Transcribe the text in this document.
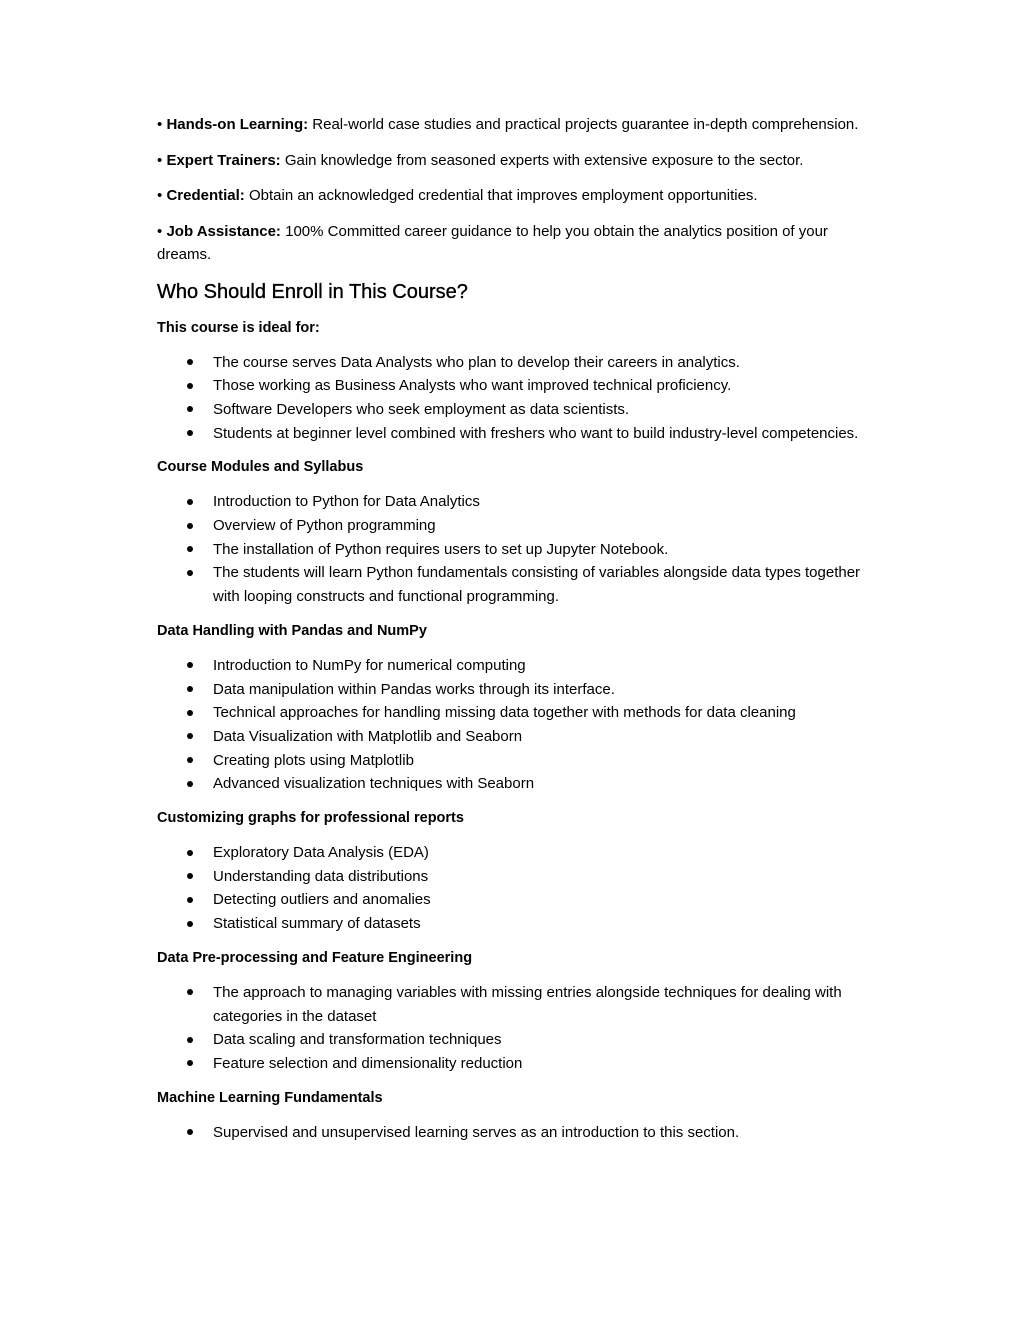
• Hands-on Learning: Real-world case studies and practical projects guarantee in-depth comprehension.

• Expert Trainers: Gain knowledge from seasoned experts with extensive exposure to the sector.

• Credential: Obtain an acknowledged credential that improves employment opportunities.

• Job Assistance: 100% Committed career guidance to help you obtain the analytics position of your dreams.

Who Should Enroll in This Course?

This course is ideal for:

The course serves Data Analysts who plan to develop their careers in analytics.
Those working as Business Analysts who want improved technical proficiency.
Software Developers who seek employment as data scientists.
Students at beginner level combined with freshers who want to build industry-level competencies.

Course Modules and Syllabus

Introduction to Python for Data Analytics
Overview of Python programming
The installation of Python requires users to set up Jupyter Notebook.
The students will learn Python fundamentals consisting of variables alongside data types together with looping constructs and functional programming.

Data Handling with Pandas and NumPy

Introduction to NumPy for numerical computing
Data manipulation within Pandas works through its interface.
Technical approaches for handling missing data together with methods for data cleaning
Data Visualization with Matplotlib and Seaborn
Creating plots using Matplotlib
Advanced visualization techniques with Seaborn

Customizing graphs for professional reports

Exploratory Data Analysis (EDA)
Understanding data distributions
Detecting outliers and anomalies
Statistical summary of datasets

Data Pre-processing and Feature Engineering

The approach to managing variables with missing entries alongside techniques for dealing with categories in the dataset
Data scaling and transformation techniques
Feature selection and dimensionality reduction

Machine Learning Fundamentals

Supervised and unsupervised learning serves as an introduction to this section.
